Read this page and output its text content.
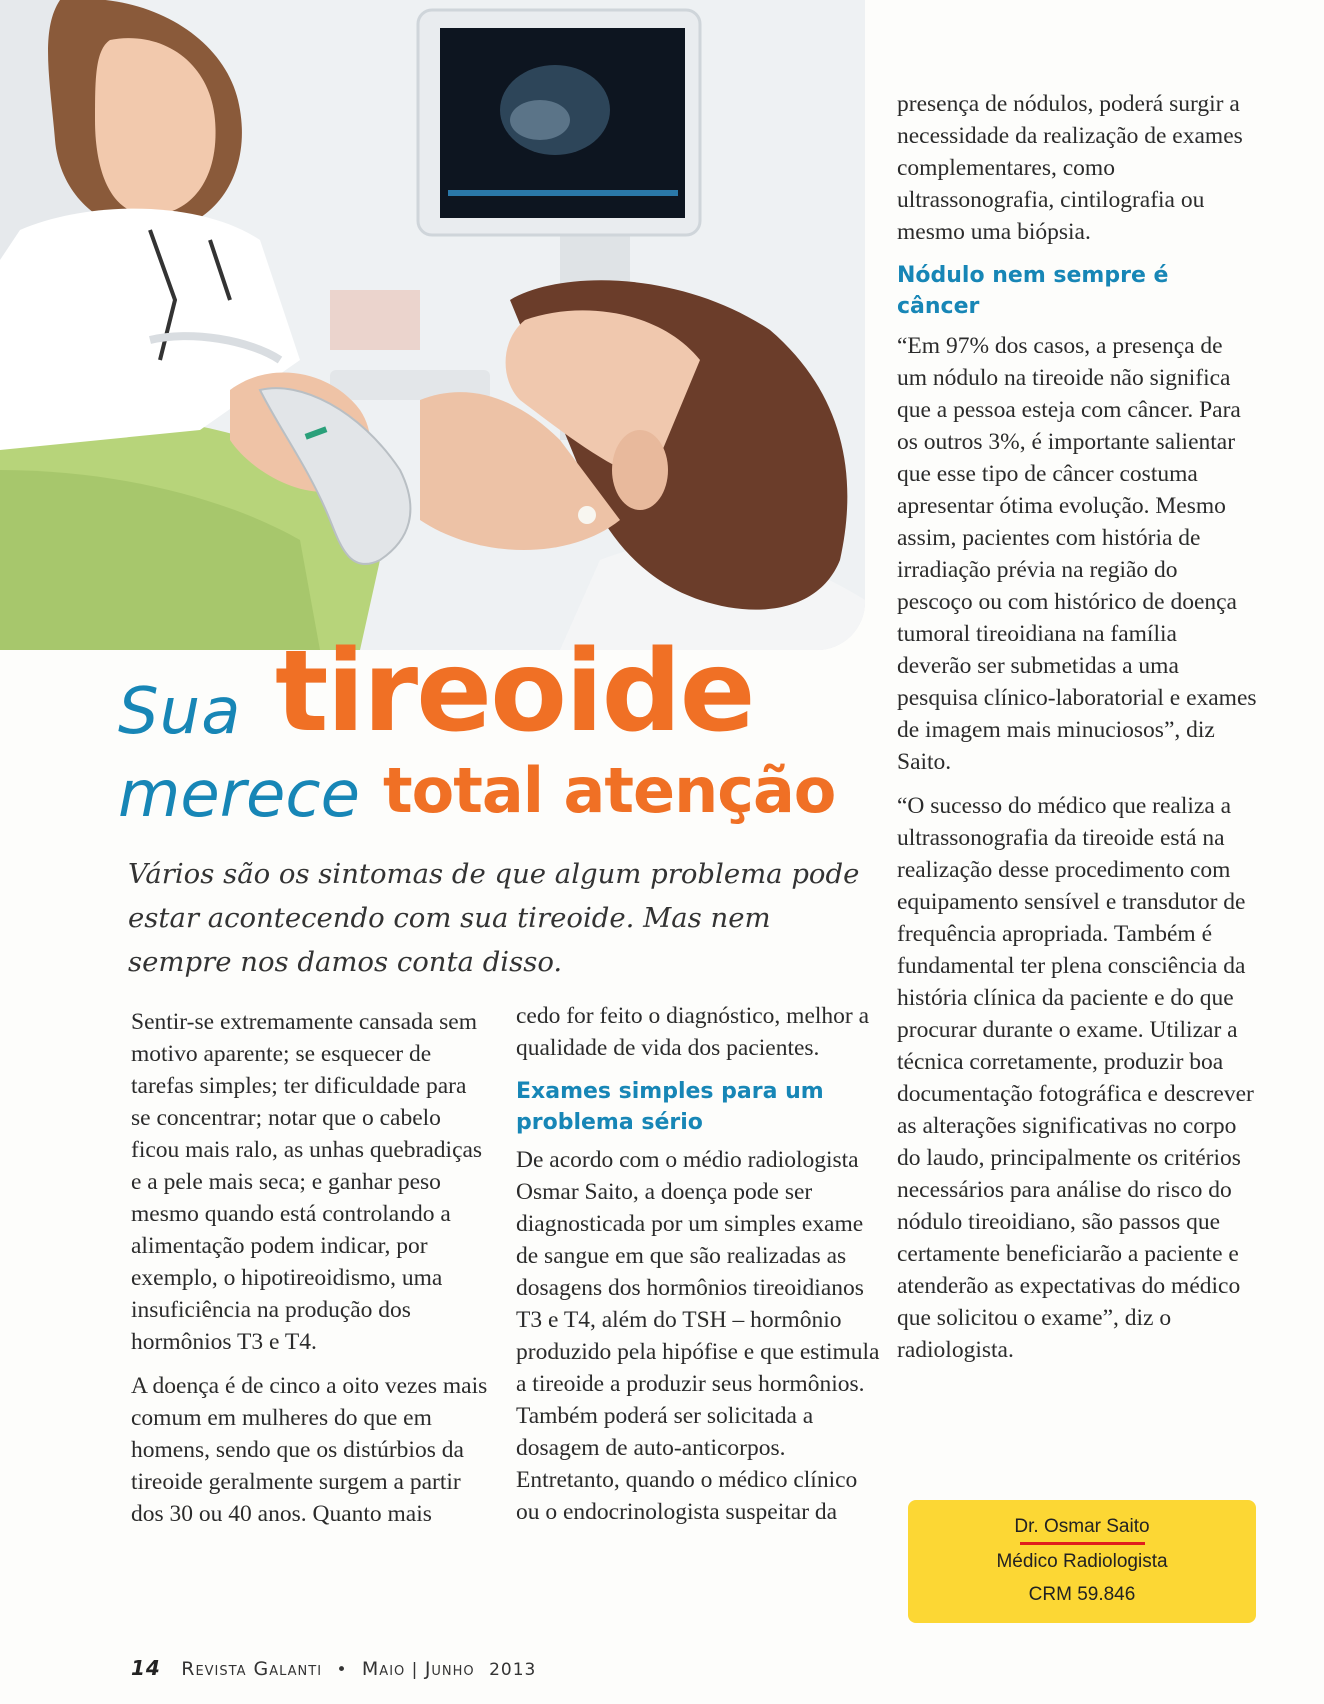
Sua tireoide
merece total atenção
Vários são os sintomas de que algum problema pode estar acontecendo com sua tireoide. Mas nem sempre nos damos conta disso.

Sentir-se extremamente cansada sem motivo aparente; se esquecer de tarefas simples; ter dificuldade para se concentrar; notar que o cabelo ficou mais ralo, as unhas quebradiças e a pele mais seca; e ganhar peso mesmo quando está controlando a alimentação podem indicar, por exemplo, o hipotireoidismo, uma insuficiência na produção dos hormônios T3 e T4.

A doença é de cinco a oito vezes mais comum em mulheres do que em homens, sendo que os distúrbios da tireoide geralmente surgem a partir dos 30 ou 40 anos. Quanto mais

cedo for feito o diagnóstico, melhor a qualidade de vida dos pacientes.

Exames simples para um problema sério

De acordo com o médio radiologista Osmar Saito, a doença pode ser diagnosticada por um simples exame de sangue em que são realizadas as dosagens dos hormônios tireoidianos T3 e T4, além do TSH – hormônio produzido pela hipófise e que estimula a tireoide a produzir seus hormônios. Também poderá ser solicitada a dosagem de auto-anticorpos. Entretanto, quando o médico clínico ou o endocrinologista suspeitar da

presença de nódulos, poderá surgir a necessidade da realização de exames complementares, como ultrassonografia, cintilografia ou mesmo uma biópsia.

Nódulo nem sempre é câncer

“Em 97% dos casos, a presença de um nódulo na tireoide não significa que a pessoa esteja com câncer. Para os outros 3%, é importante salientar que esse tipo de câncer costuma apresentar ótima evolução. Mesmo assim, pacientes com história de irradiação prévia na região do pescoço ou com histórico de doença tumoral tireoidiana na família deverão ser submetidas a uma pesquisa clínico-laboratorial e exames de imagem mais minuciosos”, diz Saito.

“O sucesso do médico que realiza a ultrassonografia da tireoide está na realização desse procedimento com equipamento sensível e transdutor de frequência apropriada. Também é fundamental ter plena consciência da história clínica da paciente e do que procurar durante o exame. Utilizar a técnica corretamente, produzir boa documentação fotográfica e descrever as alterações significativas no corpo do laudo, principalmente os critérios necessários para análise do risco do nódulo tireoidiano, são passos que certamente beneficiarão a paciente e atenderão as expectativas do médico que solicitou o exame”, diz o radiologista.

Dr. Osmar Saito
Médico Radiologista
CRM 59.846
14 Revista Galanti • Maio | Junho 2013
